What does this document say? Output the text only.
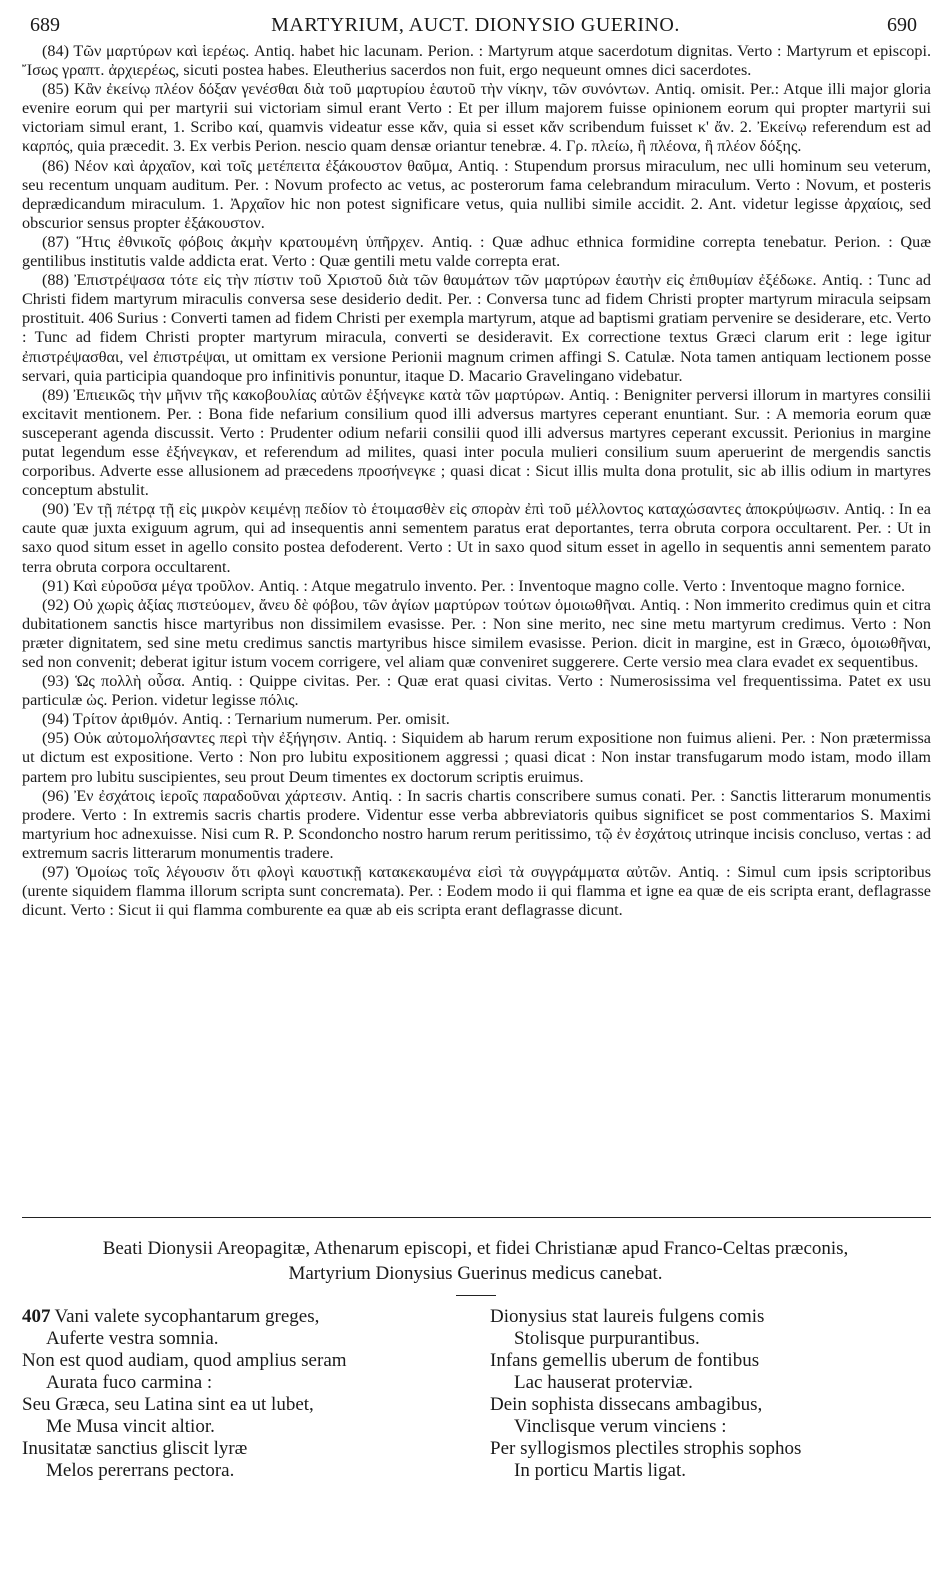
689	MARTYRIUM, AUCT. DIONYSIO GUERINO.	690

(84) Τῶν μαρτύρων καὶ ἱερέως. Antiq. habet hic lacunam. Perion. : Martyrum atque sacerdotum dignitas. Verto : Martyrum et episcopi. Ἴσως γραπτ. ἀρχιερέως, sicuti postea habes. Eleutherius sacerdos non fuit, ergo nequeunt omnes dici sacerdotes.

(85) Κἂν ἐκείνῳ πλέον δόξαν γενέσθαι διὰ τοῦ μαρτυρίου ἑαυτοῦ τὴν νίκην, τῶν συνόντων. Antiq. omisit. Per.: Atque illi major gloria evenire eorum qui per martyrii sui victoriam simul erant Verto : Et per illum majorem fuisse opinionem eorum qui propter martyrii sui victoriam simul erant, 1. Scribo καί, quamvis videatur esse κἄν, quia si esset κἄν scribendum fuisset κ' ἄν. 2. Ἐκείνῳ referendum est ad καρπός, quia præcedit. 3. Ex verbis Perion. nescio quam densæ oriantur tenebræ. 4. Γρ. πλείω, ἢ πλέονα, ἢ πλέον δόξης.

(86) Νέον καὶ ἀρχαῖον, καὶ τοῖς μετέπειτα ἐξάκουστον θαῦμα, Antiq. : Stupendum prorsus miraculum, nec ulli hominum seu veterum, seu recentum unquam auditum. Per. : Novum profecto ac vetus, ac posterorum fama celebrandum miraculum. Verto : Novum, et posteris deprædicandum miraculum. 1. Ἀρχαῖον hic non potest significare vetus, quia nullibi simile accidit. 2. Ant. videtur legisse ἀρχαίοις, sed obscurior sensus propter ἐξάκουστον.

(87) Ἥτις ἐθνικοῖς φόβοις ἀκμὴν κρατουμένη ὑπῆρχεν. Antiq. : Quæ adhuc ethnica formidine correpta tenebatur. Perion. : Quæ gentilibus institutis valde addicta erat. Verto : Quæ gentili metu valde correpta erat.

(88) Ἐπιστρέψασα τότε εἰς τὴν πίστιν τοῦ Χριστοῦ διὰ τῶν θαυμάτων τῶν μαρτύρων ἑαυτὴν εἰς ἐπιθυμίαν ἐξέδωκε. Antiq. : Tunc ad Christi fidem martyrum miraculis conversa sese desiderio dedit. Per. : Conversa tunc ad fidem Christi propter martyrum miracula seipsam prostituit. 406 Surius : Converti tamen ad fidem Christi per exempla martyrum, atque ad baptismi gratiam pervenire se desiderare, etc. Verto : Tunc ad fidem Christi propter martyrum miracula, converti se desideravit. Ex correctione textus Græci clarum erit : lege igitur ἐπιστρέψασθαι, vel ἐπιστρέψαι, ut omittam ex versione Perionii magnum crimen affingi S. Catulæ. Nota tamen antiquam lectionem posse servari, quia participia quandoque pro infinitivis ponuntur, itaque D. Macario Gravelingano videbatur.

(89) Ἐπιεικῶς τὴν μῆνιν τῆς κακοβουλίας αὐτῶν ἐξήνεγκε κατὰ τῶν μαρτύρων. Antiq. : Benigniter perversi illorum in martyres consilii excitavit mentionem. Per. : Bona fide nefarium consilium quod illi adversus martyres ceperant enuntiant. Sur. : A memoria eorum quæ susceperant agenda discussit. Verto : Prudenter odium nefarii consilii quod illi adversus martyres ceperant excussit. Perionius in margine putat legendum esse ἐξήνεγκαν, et referendum ad milites, quasi inter pocula mulieri consilium suum aperuerint de mergendis sanctis corporibus. Adverte esse allusionem ad præcedens προσήνεγκε ; quasi dicat : Sicut illis multa dona protulit, sic ab illis odium in martyres conceptum abstulit.

(90) Ἐν τῇ πέτρᾳ τῇ εἰς μικρὸν κειμένῃ πεδίον τὸ ἑτοιμασθὲν εἰς σπορὰν ἐπὶ τοῦ μέλλοντος καταχώσαντες ἀποκρύψωσιν. Antiq. : In ea caute quæ juxta exiguum agrum, qui ad insequentis anni sementem paratus erat deportantes, terra obruta corpora occultarent. Per. : Ut in saxo quod situm esset in agello consito postea defoderent. Verto : Ut in saxo quod situm esset in agello in sequentis anni sementem parato terra obruta corpora occultarent.

(91) Καὶ εὑροῦσα μέγα τροῦλον. Antiq. : Atque megatrulo invento. Per. : Inventoque magno colle. Verto : Inventoque magno fornice.

(92) Οὐ χωρὶς ἀξίας πιστεύομεν, ἄνευ δὲ φόβου, τῶν ἁγίων μαρτύρων τούτων ὁμοιωθῆναι. Antiq. : Non immerito credimus quin et citra dubitationem sanctis hisce martyribus non dissimilem evasisse. Per. : Non sine merito, nec sine metu martyrum credimus. Verto : Non præter dignitatem, sed sine metu credimus sanctis martyribus hisce similem evasisse. Perion. dicit in margine, est in Græco, ὁμοιωθῆναι, sed non convenit; deberat igitur istum vocem corrigere, vel aliam quæ conveniret suggerere. Certe versio mea clara evadet ex sequentibus.

(93) Ὡς πολλὴ οὖσα. Antiq. : Quippe civitas. Per. : Quæ erat quasi civitas. Verto : Numerosissima vel frequentissima. Patet ex usu particulæ ὡς. Perion. videtur legisse πόλις.

(94) Τρίτον ἀριθμόν. Antiq. : Ternarium numerum. Per. omisit.

(95) Οὐκ αὐτομολήσαντες περὶ τὴν ἐξήγησιν. Antiq. : Siquidem ab harum rerum expositione non fuimus alieni. Per. : Non prætermissa ut dictum est expositione. Verto : Non pro lubitu expositionem aggressi ; quasi dicat : Non instar transfugarum modo istam, modo illam partem pro lubitu suscipientes, seu prout Deum timentes ex doctorum scriptis eruimus.

(96) Ἐν ἐσχάτοις ἱεροῖς παραδοῦναι χάρτεσιν. Antiq. : In sacris chartis conscribere sumus conati. Per. : Sanctis litterarum monumentis prodere. Verto : In extremis sacris chartis prodere. Videntur esse verba abbreviatoris quibus significet se post commentarios S. Maximi martyrium hoc adnexuisse. Nisi cum R. P. Scondoncho nostro harum rerum peritissimo, τῷ ἐν ἐσχάτοις utrinque incisis concluso, vertas : ad extremum sacris litterarum monumentis tradere.

(97) Ὁμοίως τοῖς λέγουσιν ὅτι φλογὶ καυστικῇ κατακεκαυμένα εἰσὶ τὰ συγγράμματα αὐτῶν. Antiq. : Simul cum ipsis scriptoribus (urente siquidem flamma illorum scripta sunt concremata). Per. : Eodem modo ii qui flamma et igne ea quæ de eis scripta erant, deflagrasse dicunt. Verto : Sicut ii qui flamma comburente ea quæ ab eis scripta erant deflagrasse dicunt.

Beati Dionysii Areopagitæ, Athenarum episcopi, et fidei Christianæ apud Franco-Celtas præconis, Martyrium Dionysius Guerinus medicus canebat.

407 Vani valete sycophantarum greges,

Auferte vestra somnia.

Non est quod audiam, quod amplius seram

Aurata fuco carmina :

Seu Græca, seu Latina sint ea ut lubet,

Me Musa vincit altior.

Inusitatæ sanctius gliscit lyræ

Melos pererrans pectora.

Dionysius stat laureis fulgens comis

Stolisque purpurantibus.

Infans gemellis uberum de fontibus

Lac hauserat proterviæ.

Dein sophista dissecans ambagibus,

Vinclisque verum vinciens :

Per syllogismos plectiles strophis sophos

In porticu Martis ligat.
